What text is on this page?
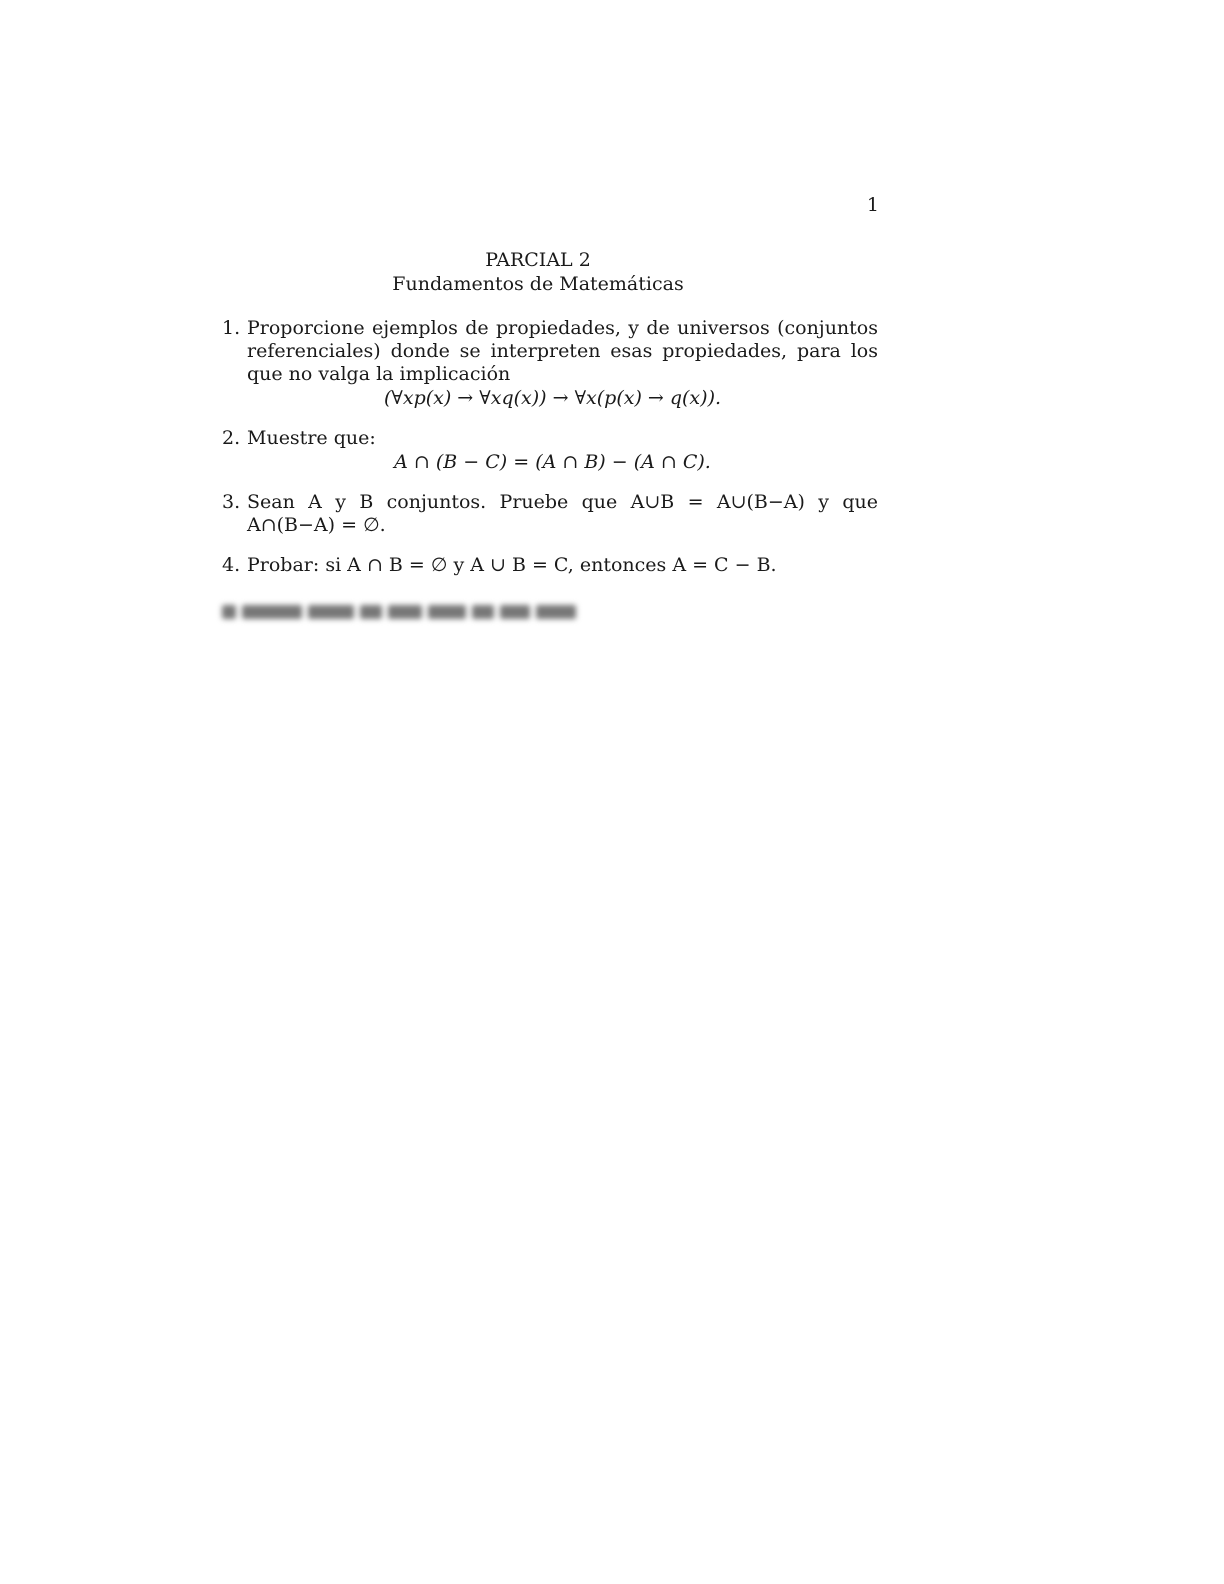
1
PARCIAL 2
Fundamentos de Matemáticas
1. Proporcione ejemplos de propiedades, y de universos (conjuntos referenciales) donde se interpreten esas propiedades, para los que no valga la implicación
(∀xp(x) → ∀xq(x)) → ∀x(p(x) → q(x)).
2. Muestre que:
A ∩ (B − C) = (A ∩ B) − (A ∩ C).
3. Sean A y B conjuntos. Pruebe que A∪B = A∪(B−A) y que A∩(B−A) = ∅.
4. Probar: si A ∩ B = ∅ y A ∪ B = C, entonces A = C − B.
